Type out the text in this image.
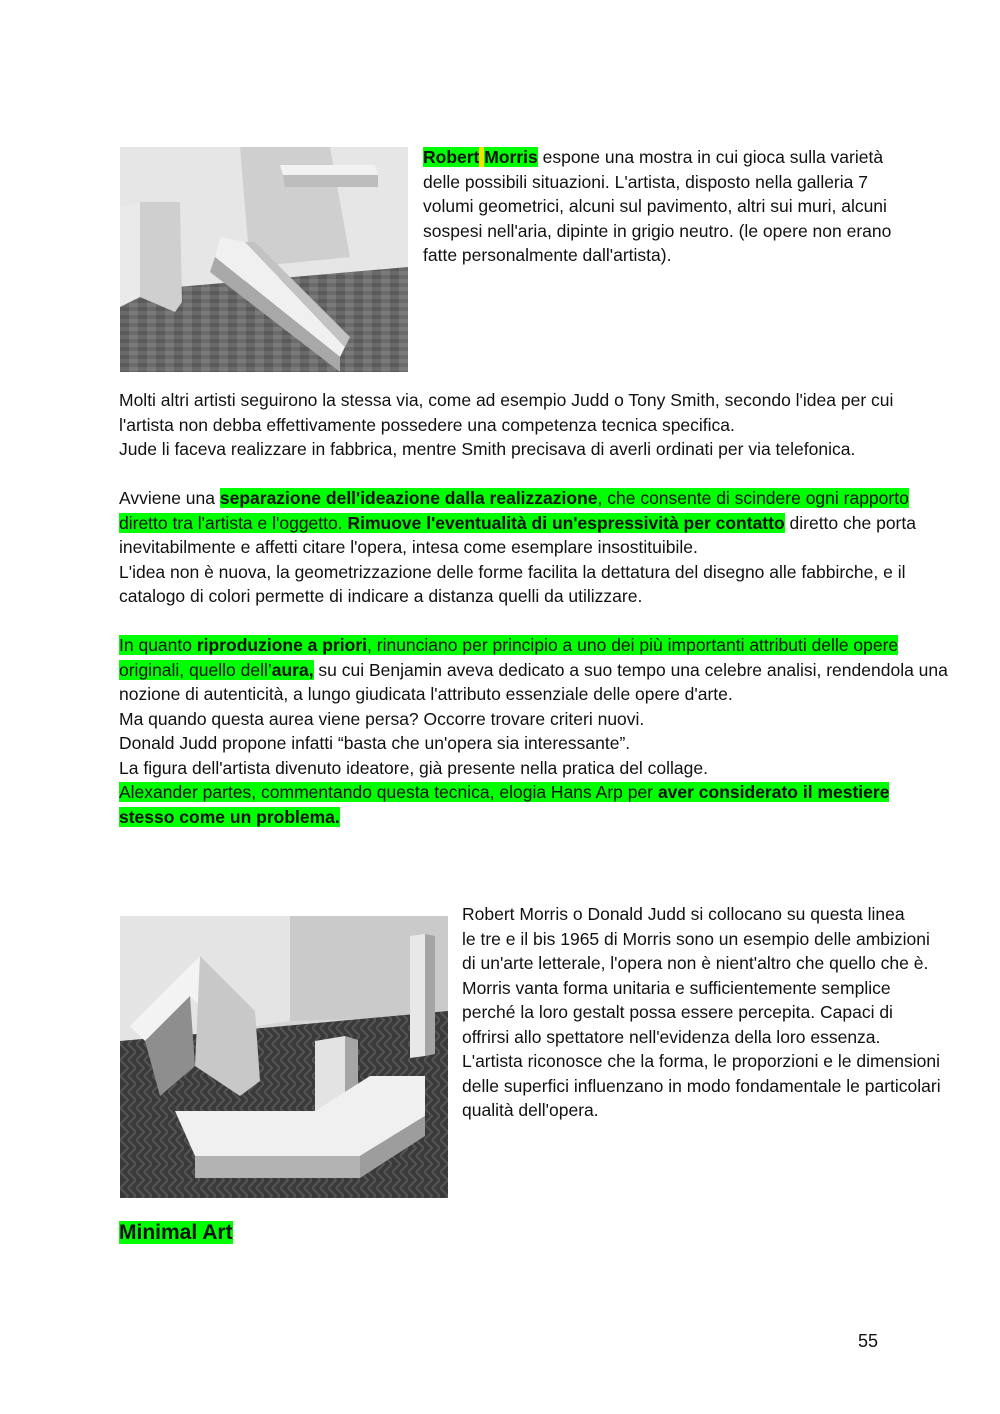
Robert Morris espone una mostra in cui gioca sulla varietà delle possibili situazioni. L'artista, disposto nella galleria 7 volumi geometrici, alcuni sul pavimento, altri sui muri, alcuni sospesi nell'aria, dipinte in grigio neutro. (le opere non erano fatte personalmente dall'artista).

Molti altri artisti seguirono la stessa via, come ad esempio Judd o Tony Smith, secondo l'idea per cui l'artista non debba effettivamente possedere una competenza tecnica specifica.

Jude li faceva realizzare in fabbrica, mentre Smith precisava di averli ordinati per via telefonica.

Avviene una separazione dell'ideazione dalla realizzazione, che consente di scindere ogni rapporto diretto tra l'artista e l'oggetto. Rimuove l'eventualità di un'espressività per contatto diretto che porta inevitabilmente e affetti citare l'opera, intesa come esemplare insostituibile.

L'idea non è nuova, la geometrizzazione delle forme facilita la dettatura del disegno alle fabbirche, e il catalogo di colori permette di indicare a distanza quelli da utilizzare.

In quanto riproduzione a priori, rinunciano per principio a uno dei più importanti attributi delle opere originali, quello dell’aura, su cui Benjamin aveva dedicato a suo tempo una celebre analisi, rendendola una nozione di autenticità, a lungo giudicata l'attributo essenziale delle opere d'arte.

Ma quando questa aurea viene persa? Occorre trovare criteri nuovi.

Donald Judd propone infatti “basta che un'opera sia interessante”.

La figura dell'artista divenuto ideatore, già presente nella pratica del collage.

Alexander partes, commentando questa tecnica, elogia Hans Arp per aver considerato il mestiere stesso come un problema.

Robert Morris o Donald Judd si collocano su questa linea

le tre e il bis 1965 di Morris sono un esempio delle ambizioni di un'arte letterale, l'opera non è nient'altro che quello che è.

Morris vanta forma unitaria e sufficientemente semplice perché la loro gestalt possa essere percepita. Capaci di offrirsi allo spettatore nell'evidenza della loro essenza.

L'artista riconosce che la forma, le proporzioni e le dimensioni delle superfici influenzano in modo fondamentale le particolari qualità dell'opera.

Minimal Art
55
